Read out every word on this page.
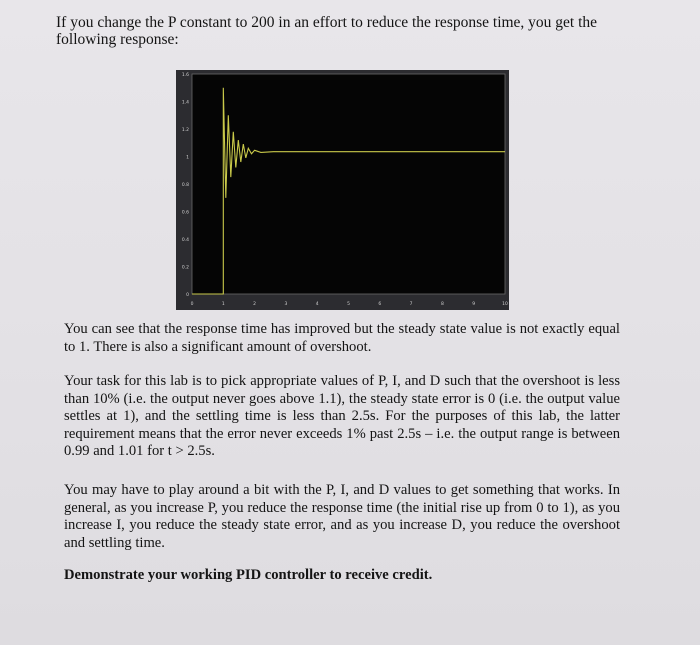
If you change the P constant to 200 in an effort to reduce the response time, you get the following response:

0	1	2	3	4	5	6	7	8	9	10
0
0.2
0.4
0.6
0.8
1
1.2
1.4
1.6

You can see that the response time has improved but the steady state value is not exactly equal to 1. There is also a significant amount of overshoot.

Your task for this lab is to pick appropriate values of P, I, and D such that the overshoot is less than 10% (i.e. the output never goes above 1.1), the steady state error is 0 (i.e. the output value settles at 1), and the settling time is less than 2.5s. For the purposes of this lab, the latter requirement means that the error never exceeds 1% past 2.5s – i.e. the output range is between 0.99 and 1.01 for t > 2.5s.

You may have to play around a bit with the P, I, and D values to get something that works. In general, as you increase P, you reduce the response time (the initial rise up from 0 to 1), as you increase I, you reduce the steady state error, and as you increase D, you reduce the overshoot and settling time.

Demonstrate your working PID controller to receive credit.
